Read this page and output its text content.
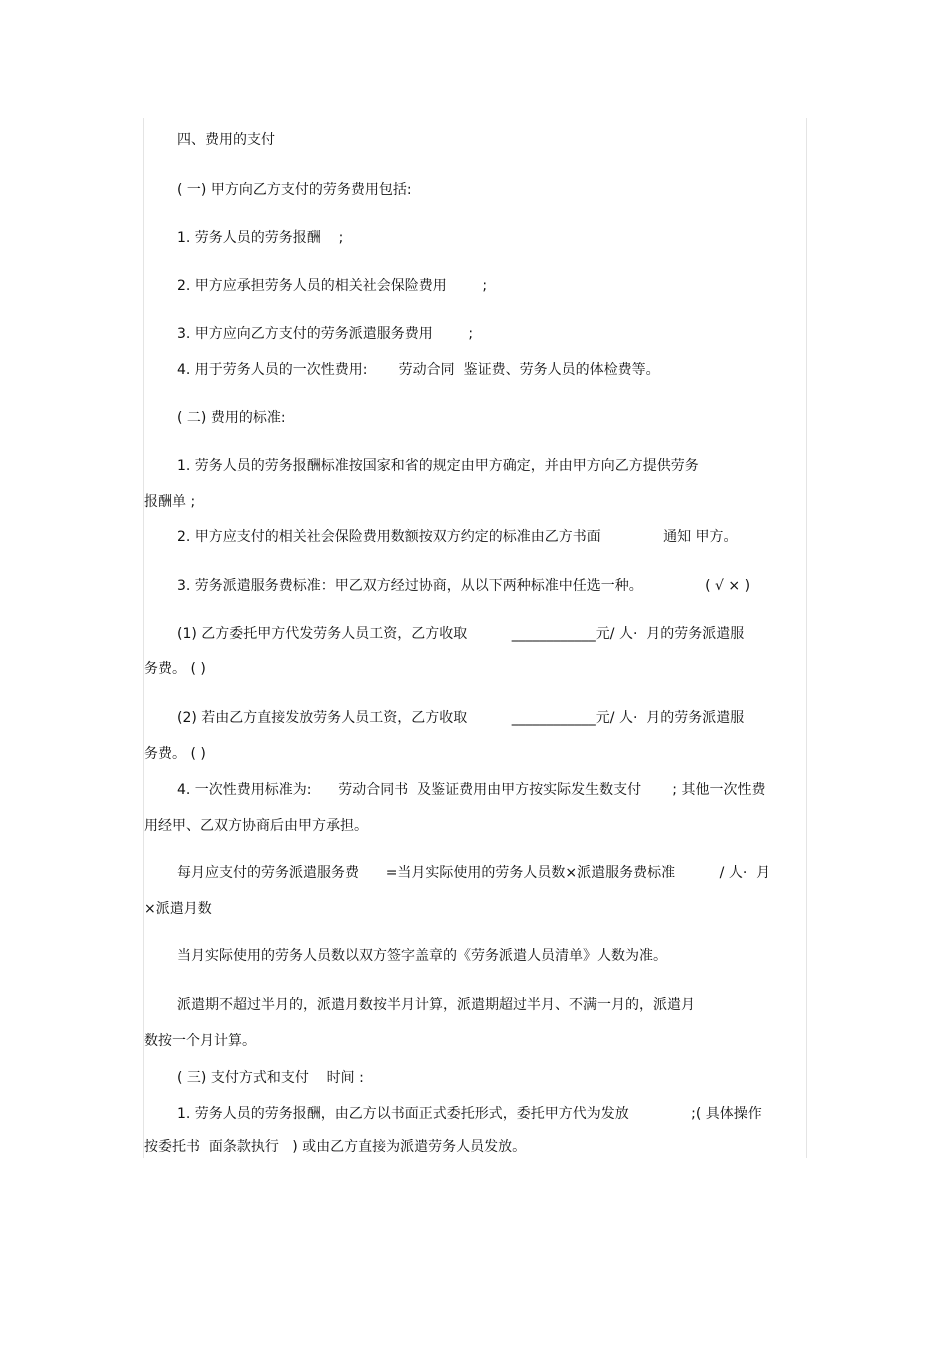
四、费用的支付
( 一) 甲方向乙方支付的劳务费用包括:
1. 劳务人员的劳务报酬    ;
2. 甲方应承担劳务人员的相关社会保险费用        ;
3. 甲方应向乙方支付的劳务派遣服务费用        ;
4. 用于劳务人员的一次性费用:       劳动合同  鉴证费、劳务人员的体检费等。
( 二) 费用的标准:
1. 劳务人员的劳务报酬标准按国家和省的规定由甲方确定，并由甲方向乙方提供劳务
报酬单 ;
2. 甲方应支付的相关社会保险费用数额按双方约定的标准由乙方书面              通知 甲方。
3. 劳务派遣服务费标准：甲乙双方经过协商，从以下两种标准中任选一种。              ( √ × )
(1) 乙方委托甲方代发劳务人员工资，乙方收取          ____________元/ 人·  月的劳务派遣服
务费。 ( )
(2) 若由乙方直接发放劳务人员工资，乙方收取          ____________元/ 人·  月的劳务派遣服
务费。 ( )
4. 一次性费用标准为:      劳动合同书  及鉴证费用由甲方按实际发生数支付       ; 其他一次性费
用经甲、乙双方协商后由甲方承担。
每月应支付的劳务派遣服务费      =当月实际使用的劳务人员数×派遣服务费标准          / 人·  月
×派遣月数
当月实际使用的劳务人员数以双方签字盖章的《劳务派遣人员清单》人数为准。
派遣期不超过半月的，派遣月数按半月计算，派遣期超过半月、不满一月的，派遣月
数按一个月计算。
( 三) 支付方式和支付    时间 :
1. 劳务人员的劳务报酬，由乙方以书面正式委托形式，委托甲方代为发放              ;( 具体操作
按委托书  面条款执行   ) 或由乙方直接为派遣劳务人员发放。
